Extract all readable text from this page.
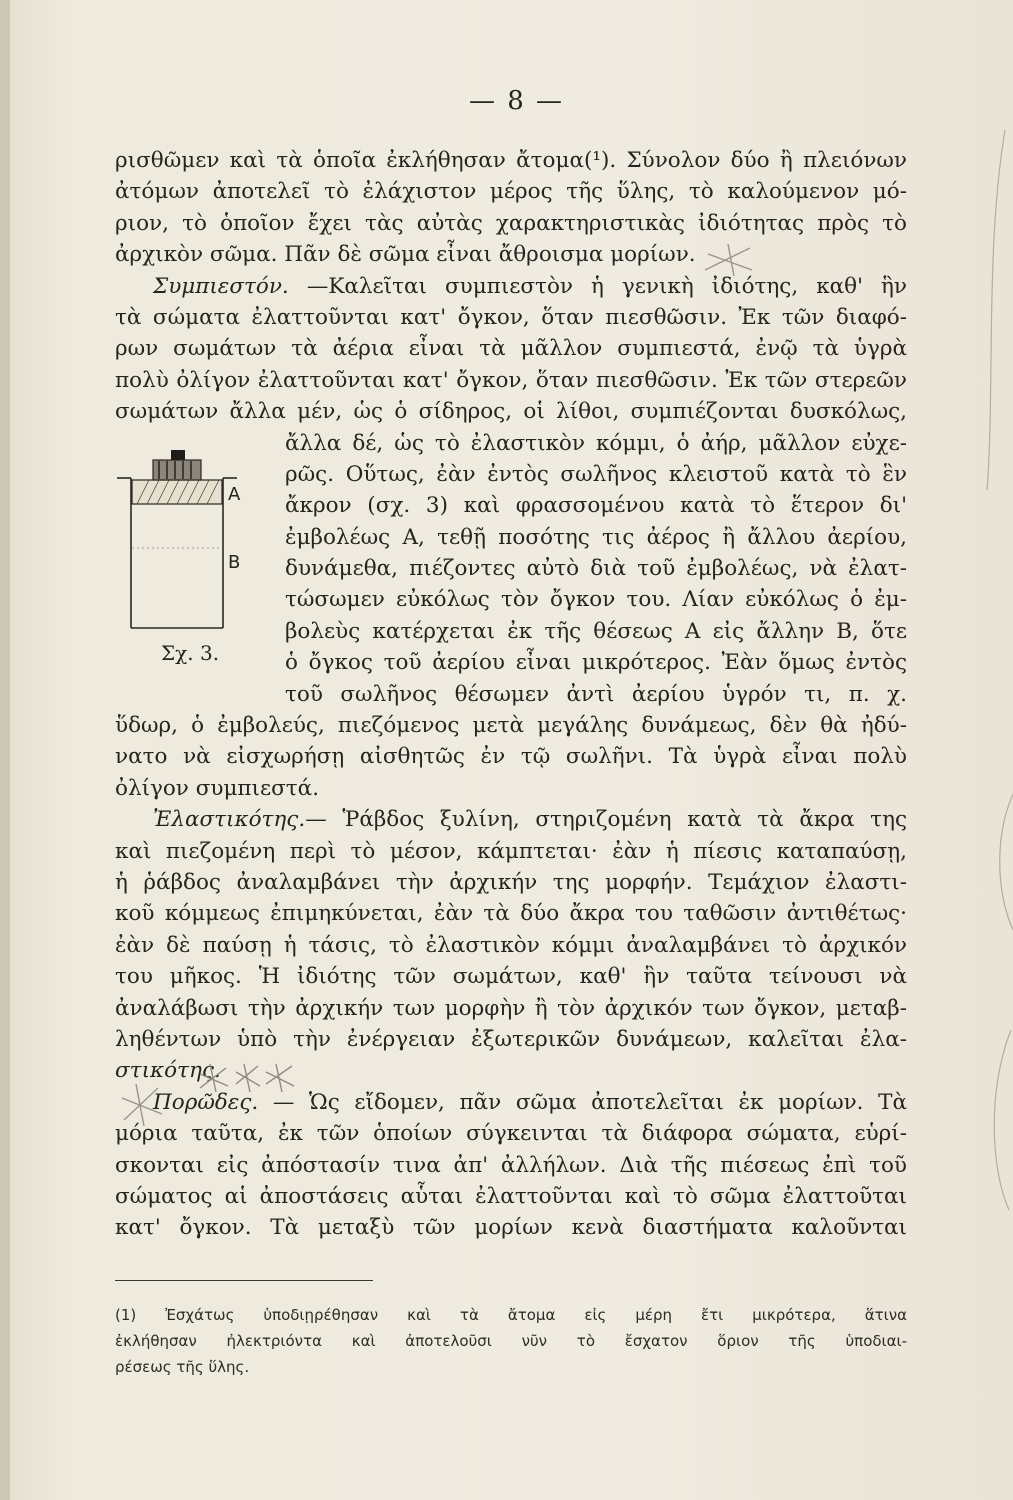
— 8 —
ρισθῶμεν καὶ τὰ ὁποῖα ἐκλήθησαν ἄτομα(¹). Σύνολον δύο ἢ πλειόνων
ἀτόμων ἀποτελεῖ τὸ ἐλάχιστον μέρος τῆς ὕλης, τὸ καλούμενον μό-
ριον, τὸ ὁποῖον ἔχει τὰς αὐτὰς χαρακτηριστικὰς ἰδιότητας πρὸς τὸ
ἀρχικὸν σῶμα. Πᾶν δὲ σῶμα εἶναι ἄθροισμα μορίων.
Συμπιεστόν. —Καλεῖται συμπιεστὸν ἡ γενικὴ ἰδιότης, καθ' ἣν
τὰ σώματα ἐλαττοῦνται κατ' ὄγκον, ὅταν πιεσθῶσιν. Ἐκ τῶν διαφό-
ρων σωμάτων τὰ ἀέρια εἶναι τὰ μᾶλλον συμπιεστά, ἐνῷ τὰ ὑγρὰ
πολὺ ὀλίγον ἐλαττοῦνται κατ' ὄγκον, ὅταν πιεσθῶσιν. Ἐκ τῶν στερεῶν
σωμάτων ἄλλα μέν, ὡς ὁ σίδηρος, οἱ λίθοι, συμπιέζονται δυσκόλως,
A
B
Σχ. 3.
ἄλλα δέ, ὡς τὸ ἐλαστικὸν κόμμι, ὁ ἀήρ, μᾶλλον εὐχε-
ρῶς. Οὕτως, ἐὰν ἐντὸς σωλῆνος κλειστοῦ κατὰ τὸ ἓν
ἄκρον (σχ. 3) καὶ φρασσομένου κατὰ τὸ ἕτερον δι'
ἐμβολέως Α, τεθῇ ποσότης τις ἀέρος ἢ ἄλλου ἀερίου,
δυνάμεθα, πιέζοντες αὐτὸ διὰ τοῦ ἐμβολέως, νὰ ἐλατ-
τώσωμεν εὐκόλως τὸν ὄγκον του. Λίαν εὐκόλως ὁ ἐμ-
βολεὺς κατέρχεται ἐκ τῆς θέσεως Α εἰς ἄλλην Β, ὅτε
ὁ ὄγκος τοῦ ἀερίου εἶναι μικρότερος. Ἐὰν ὅμως ἐντὸς
τοῦ σωλῆνος θέσωμεν ἀντὶ ἀερίου ὑγρόν τι, π. χ.
ὕδωρ, ὁ ἐμβολεύς, πιεζόμενος μετὰ μεγάλης δυνάμεως, δὲν θὰ ἠδύ-
νατο νὰ εἰσχωρήσῃ αἰσθητῶς ἐν τῷ σωλῆνι. Τὰ ὑγρὰ εἶναι πολὺ
ὀλίγον συμπιεστά.
Ἐλαστικότης.— Ῥάβδος ξυλίνη, στηριζομένη κατὰ τὰ ἄκρα της
καὶ πιεζομένη περὶ τὸ μέσον, κάμπτεται· ἐὰν ἡ πίεσις καταπαύσῃ,
ἡ ῥάβδος ἀναλαμβάνει τὴν ἀρχικήν της μορφήν. Τεμάχιον ἐλαστι-
κοῦ κόμμεως ἐπιμηκύνεται, ἐὰν τὰ δύο ἄκρα του ταθῶσιν ἀντιθέτως·
ἐὰν δὲ παύσῃ ἡ τάσις, τὸ ἐλαστικὸν κόμμι ἀναλαμβάνει τὸ ἀρχικόν
του μῆκος. Ἡ ἰδιότης τῶν σωμάτων, καθ' ἣν ταῦτα τείνουσι νὰ
ἀναλάβωσι τὴν ἀρχικήν των μορφὴν ἢ τὸν ἀρχικόν των ὄγκον, μεταβ-
ληθέντων ὑπὸ τὴν ἐνέργειαν ἐξωτερικῶν δυνάμεων, καλεῖται ἐλα-
στικότης.
Πορῶδες. — Ὡς εἴδομεν, πᾶν σῶμα ἀποτελεῖται ἐκ μορίων. Τὰ
μόρια ταῦτα, ἐκ τῶν ὁποίων σύγκεινται τὰ διάφορα σώματα, εὑρί-
σκονται εἰς ἀπόστασίν τινα ἀπ' ἀλλήλων. Διὰ τῆς πιέσεως ἐπὶ τοῦ
σώματος αἱ ἀποστάσεις αὗται ἐλαττοῦνται καὶ τὸ σῶμα ἐλαττοῦται
κατ' ὄγκον. Τὰ μεταξὺ τῶν μορίων κενὰ διαστήματα καλοῦνται
(1) Ἐσχάτως ὑποδιῃρέθησαν καὶ τὰ ἄτομα εἰς μέρη ἔτι μικρότερα, ἅτινα
ἐκλήθησαν ἠλεκτριόντα καὶ ἀποτελοῦσι νῦν τὸ ἔσχατον ὅριον τῆς ὑποδιαι-
ρέσεως τῆς ὕλης.
